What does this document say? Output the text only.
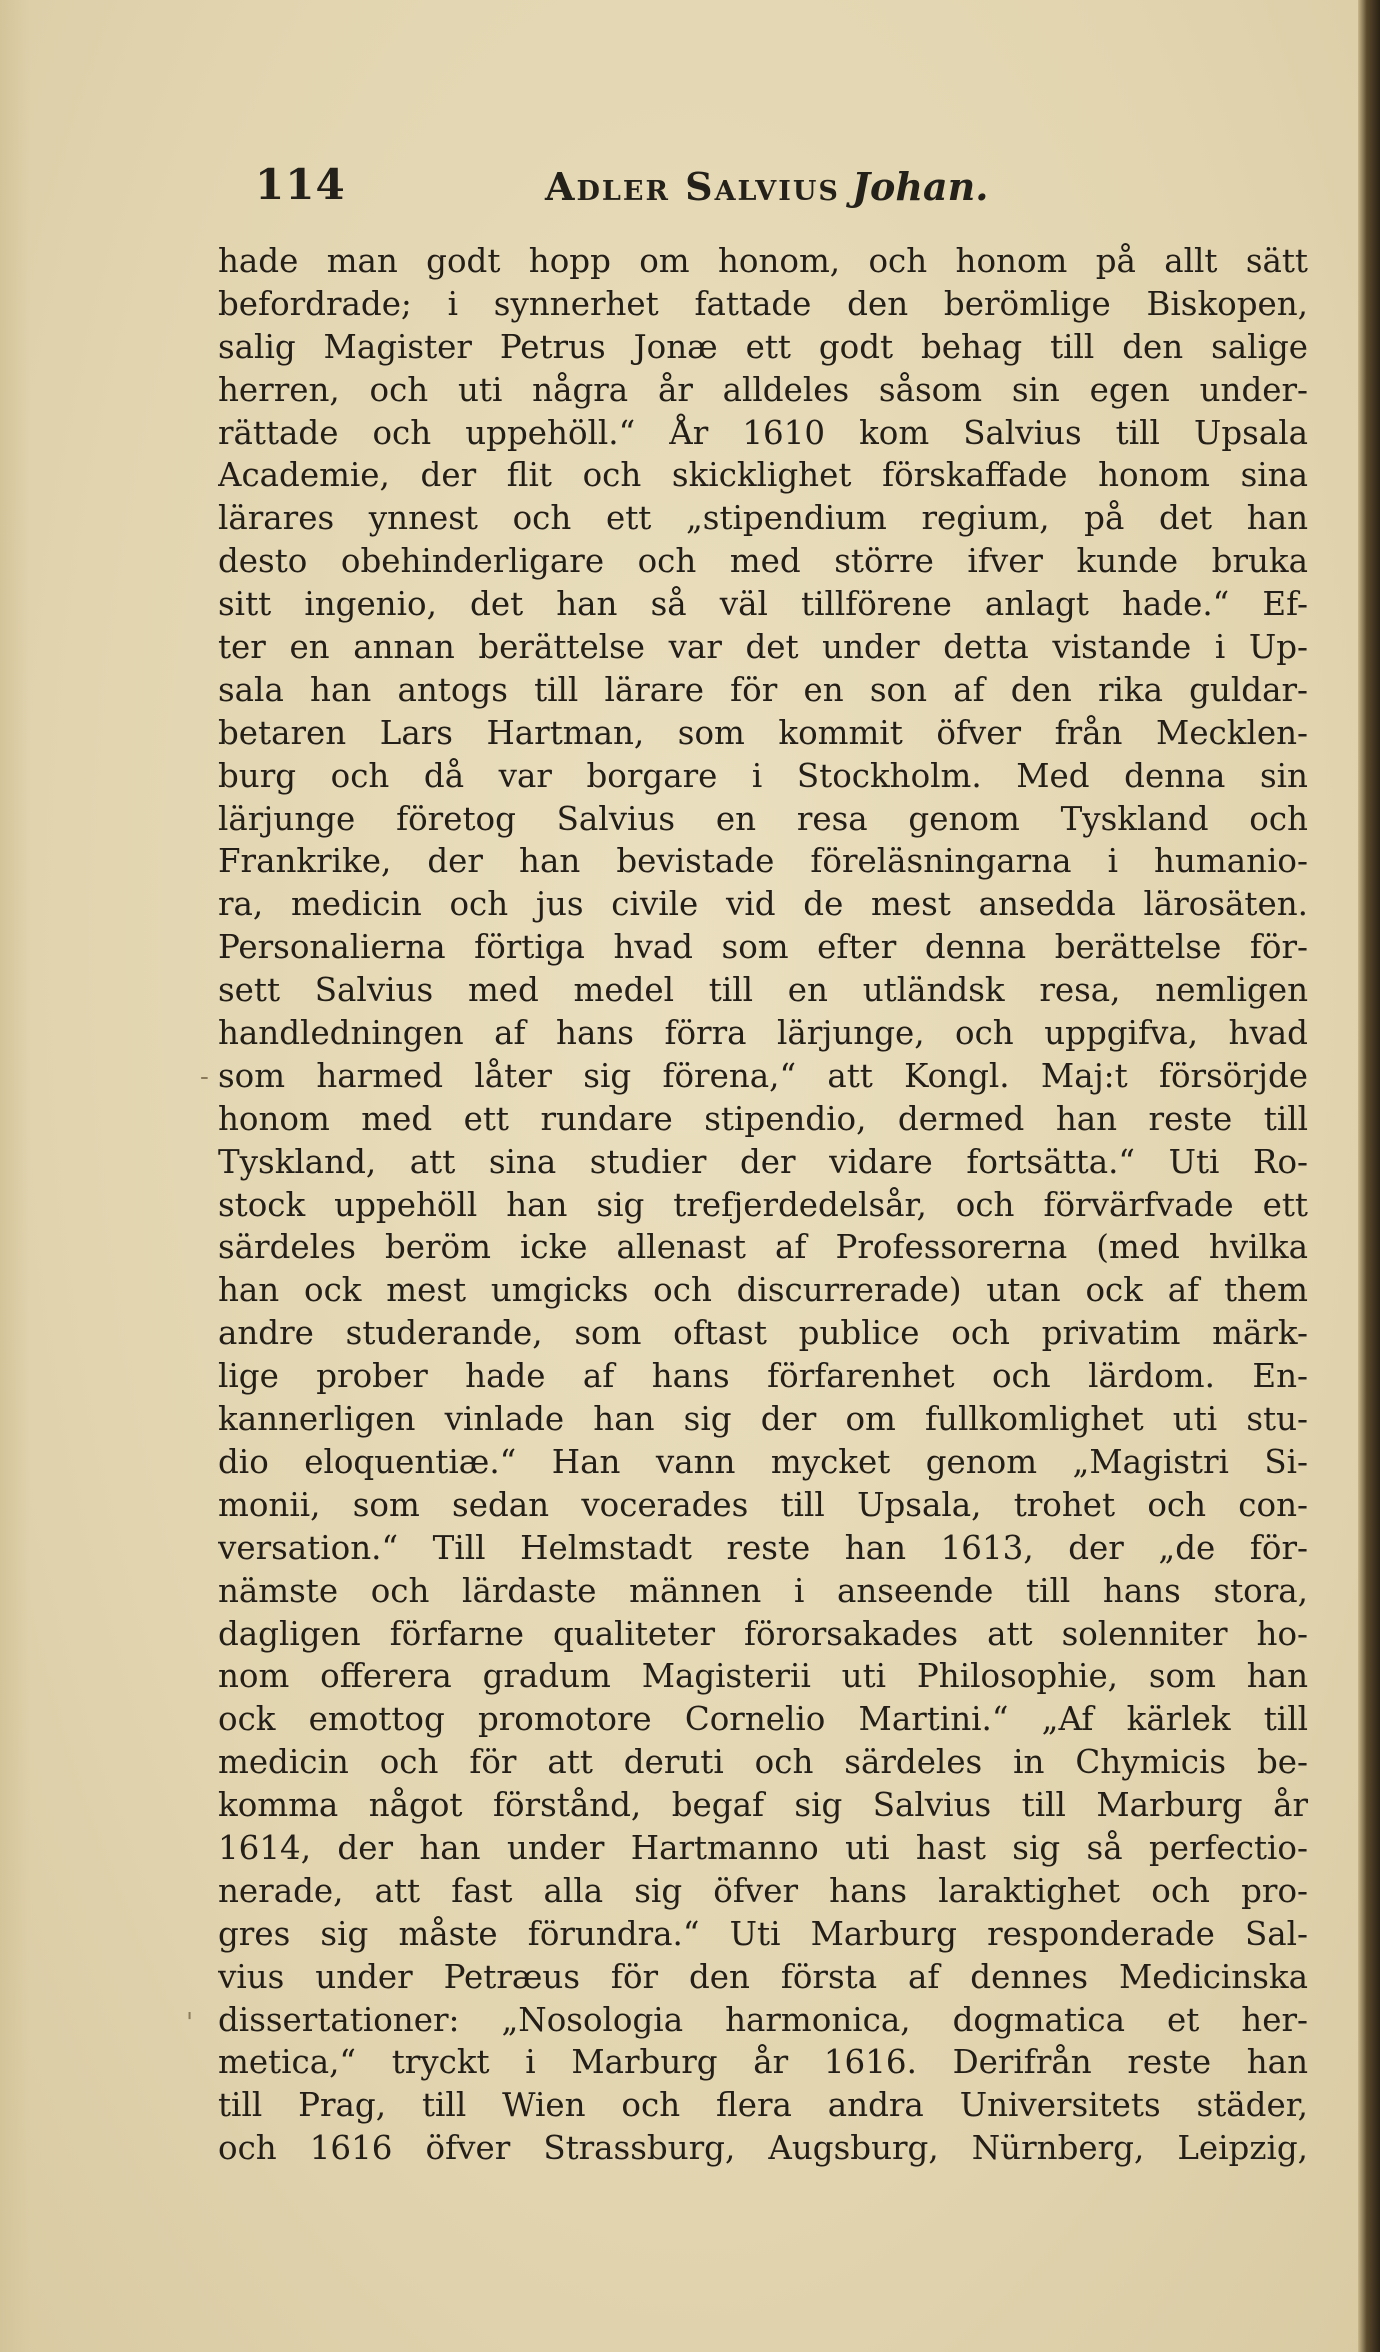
114	Adler Salvius Johan.
hade man godt hopp om honom, och honom på allt sätt
befordrade; i synnerhet fattade den berömlige Biskopen,
salig Magister Petrus Jonæ ett godt behag till den salige
herren, och uti några år alldeles såsom sin egen under-
rättade och uppehöll.“ År 1610 kom Salvius till Upsala
Academie, der flit och skicklighet förskaffade honom sina
lärares ynnest och ett „stipendium regium, på det han
desto obehinderligare och med större ifver kunde bruka
sitt ingenio, det han så väl tillförene anlagt hade.“ Ef-
ter en annan berättelse var det under detta vistande i Up-
sala han antogs till lärare för en son af den rika guldar-
betaren Lars Hartman, som kommit öfver från Mecklen-
burg och då var borgare i Stockholm. Med denna sin
lärjunge företog Salvius en resa genom Tyskland och
Frankrike, der han bevistade föreläsningarna i humanio-
ra, medicin och jus civile vid de mest ansedda lärosäten.
Personalierna förtiga hvad som efter denna berättelse för-
sett Salvius med medel till en utländsk resa, nemligen
handledningen af hans förra lärjunge, och uppgifva, hvad
som harmed låter sig förena,“ att Kongl. Maj:t försörjde
honom med ett rundare stipendio, dermed han reste till
Tyskland, att sina studier der vidare fortsätta.“ Uti Ro-
stock uppehöll han sig trefjerdedelsår, och förvärfvade ett
särdeles beröm icke allenast af Professorerna (med hvilka
han ock mest umgicks och discurrerade) utan ock af them
andre studerande, som oftast publice och privatim märk-
lige prober hade af hans förfarenhet och lärdom. En-
kannerligen vinlade han sig der om fullkomlighet uti stu-
dio eloquentiæ.“ Han vann mycket genom „Magistri Si-
monii, som sedan vocerades till Upsala, trohet och con-
versation.“ Till Helmstadt reste han 1613, der „de för-
nämste och lärdaste männen i anseende till hans stora,
dagligen förfarne qualiteter förorsakades att solenniter ho-
nom offerera gradum Magisterii uti Philosophie, som han
ock emottog promotore Cornelio Martini.“ „Af kärlek till
medicin och för att deruti och särdeles in Chymicis be-
komma något förstånd, begaf sig Salvius till Marburg år
1614, der han under Hartmanno uti hast sig så perfectio-
nerade, att fast alla sig öfver hans laraktighet och pro-
gres sig måste förundra.“ Uti Marburg responderade Sal-
vius under Petræus för den första af dennes Medicinska
dissertationer: „Nosologia harmonica, dogmatica et her-
metica,“ tryckt i Marburg år 1616. Derifrån reste han
till Prag, till Wien och flera andra Universitets städer,
och 1616 öfver Strassburg, Augsburg, Nürnberg, Leipzig,
-
'
